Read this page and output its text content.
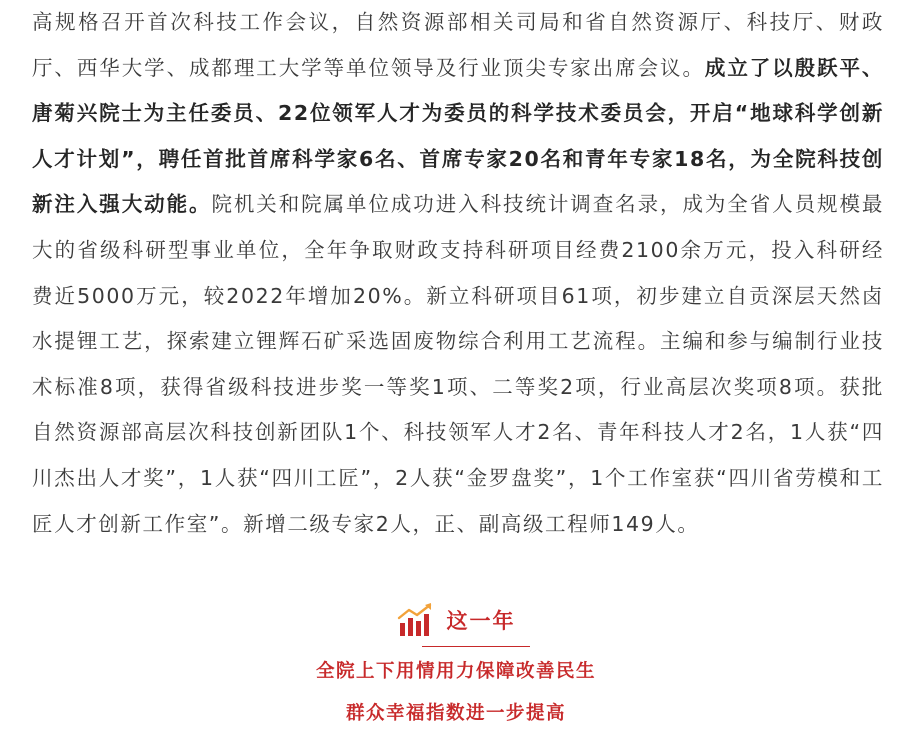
高规格召开首次科技工作会议，自然资源部相关司局和省自然资源厅、科技厅、财政厅、西华大学、成都理工大学等单位领导及行业顶尖专家出席会议。成立了以殷跃平、唐菊兴院士为主任委员、22位领军人才为委员的科学技术委员会，开启“地球科学创新人才计划”，聘任首批首席科学家6名、首席专家20名和青年专家18名，为全院科技创新注入强大动能。院机关和院属单位成功进入科技统计调查名录，成为全省人员规模最大的省级科研型事业单位，全年争取财政支持科研项目经费2100余万元，投入科研经费近5000万元，较2022年增加20%。新立科研项目61项，初步建立自贡深层天然卤水提锂工艺，探索建立锂辉石矿采选固废物综合利用工艺流程。主编和参与编制行业技术标准8项，获得省级科技进步奖一等奖1项、二等奖2项，行业高层次奖项8项。获批自然资源部高层次科技创新团队1个、科技领军人才2名、青年科技人才2名，1人获“四川杰出人才奖”，1人获“四川工匠”，2人获“金罗盘奖”，1个工作室获“四川省劳模和工匠人才创新工作室”。新增二级专家2人，正、副高级工程师149人。

这一年
全院上下用情用力保障改善民生
群众幸福指数进一步提高
